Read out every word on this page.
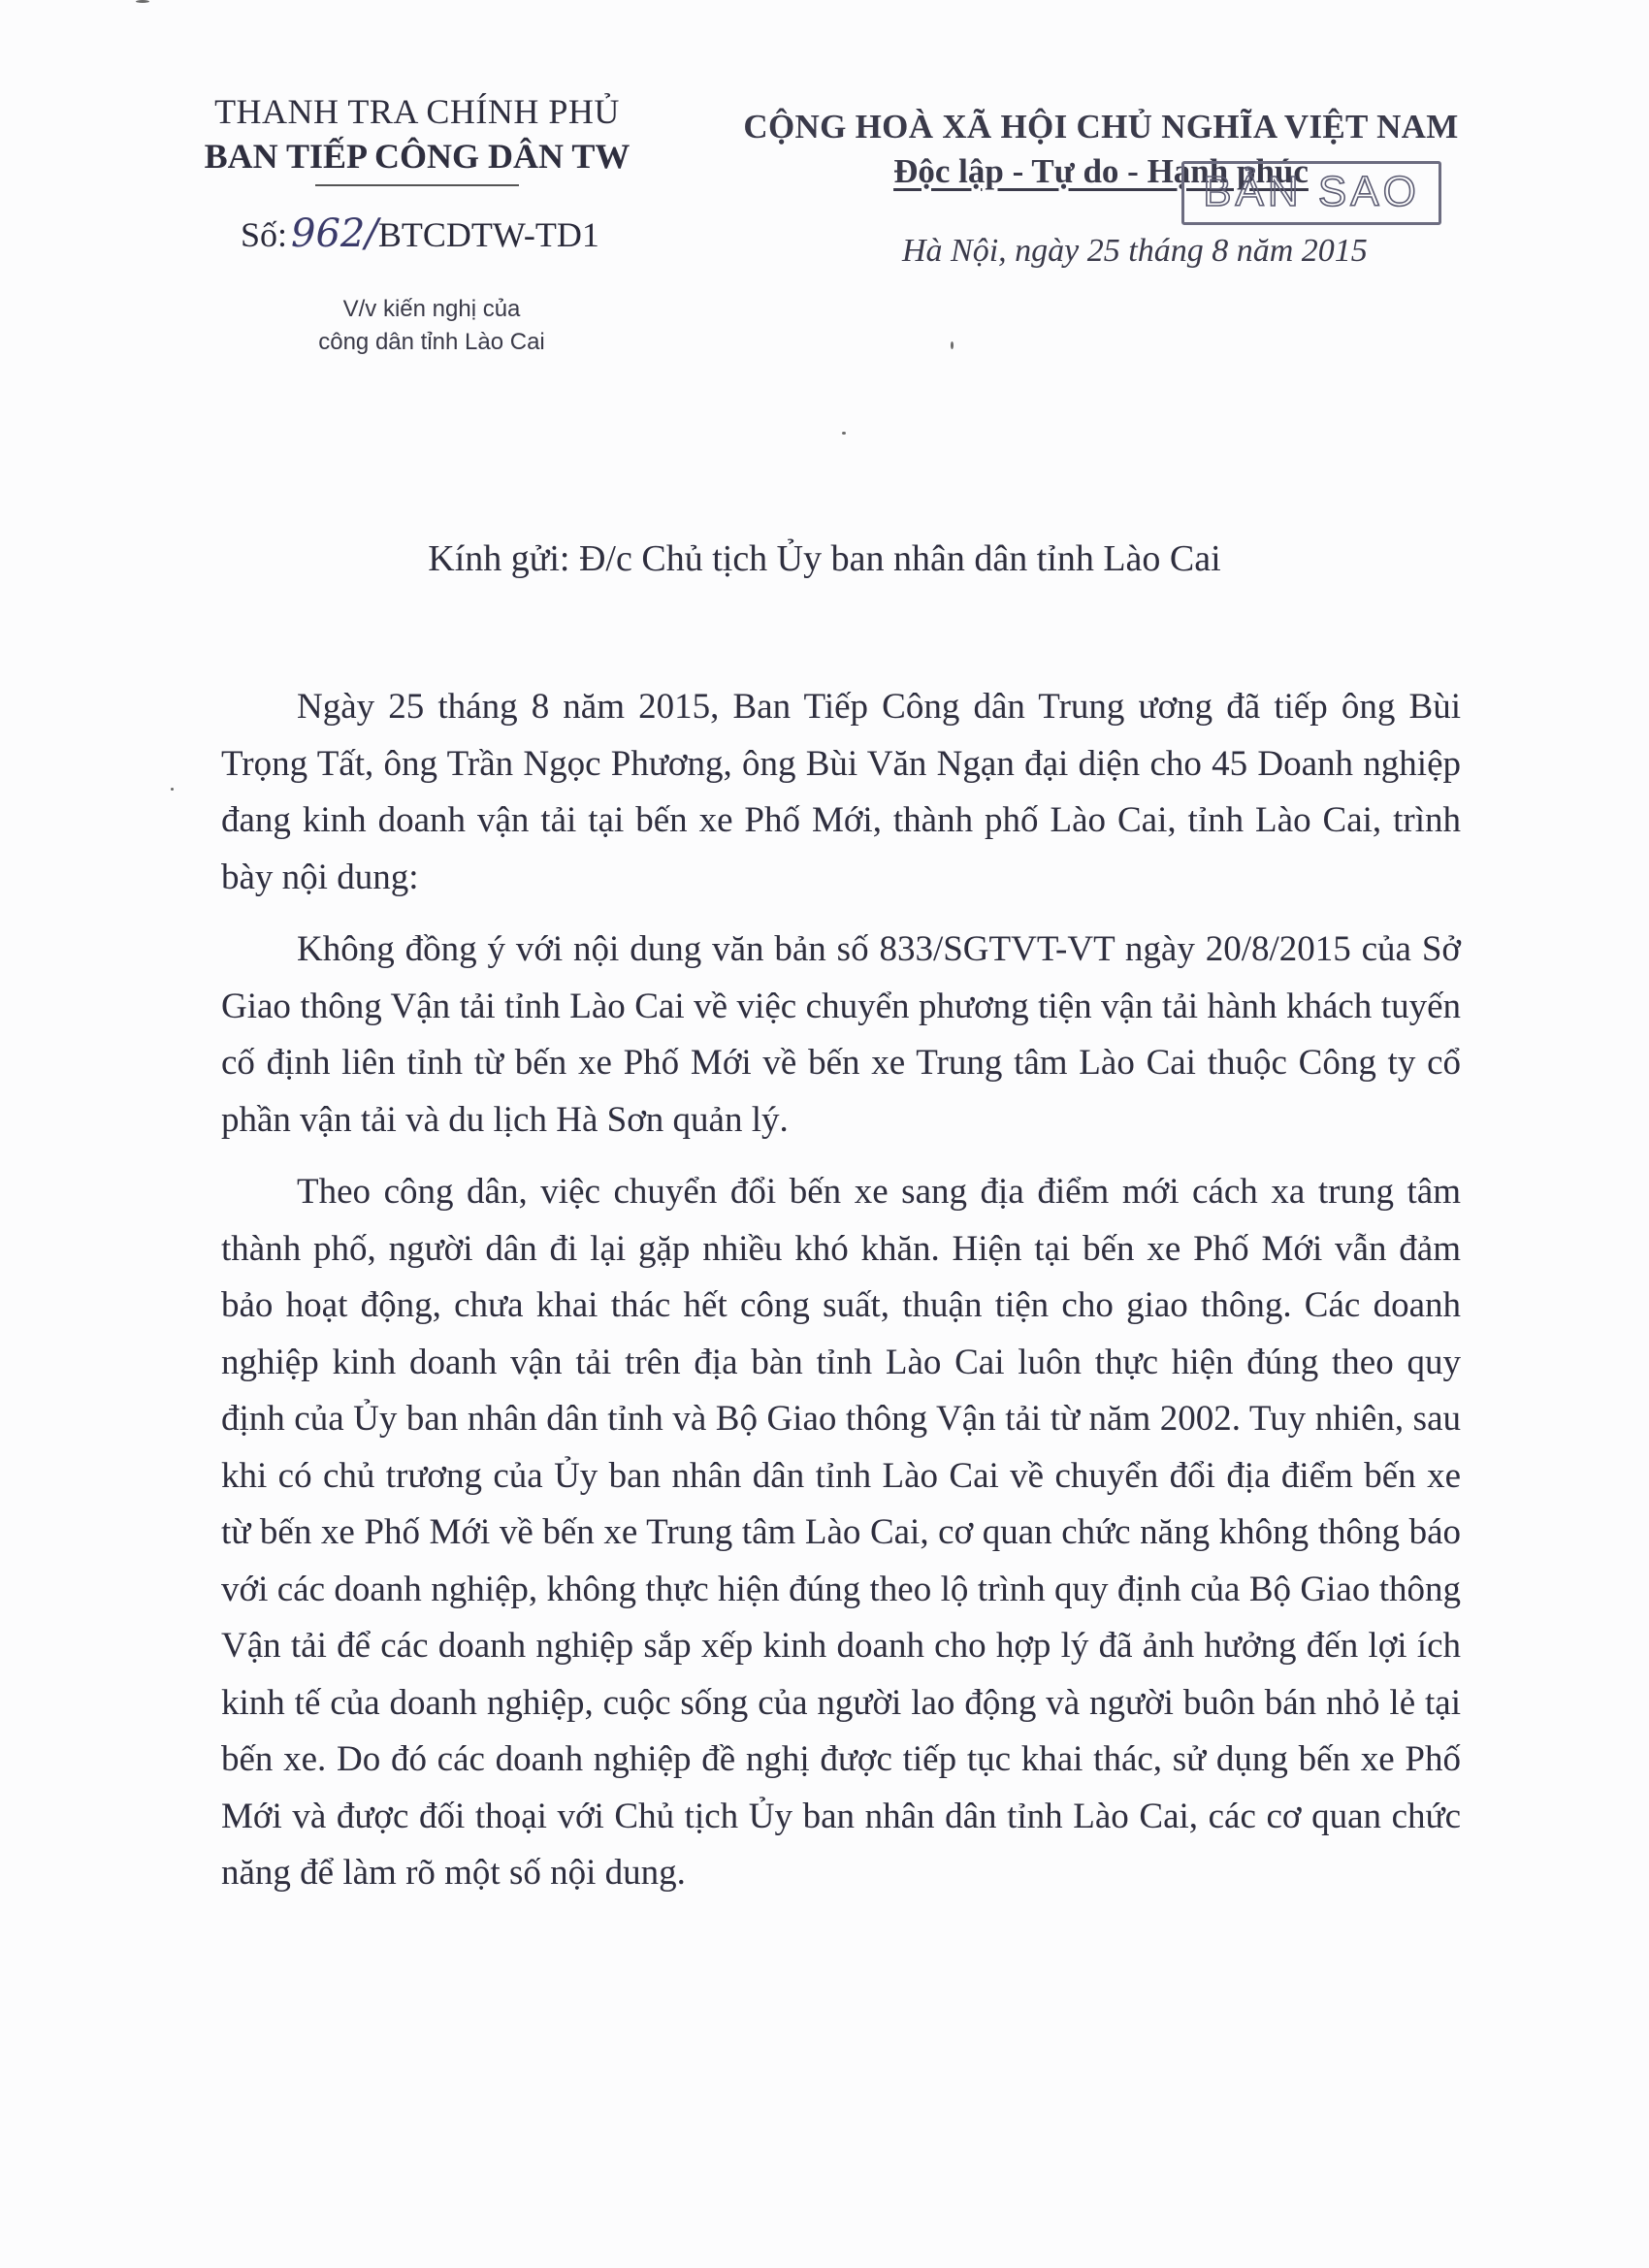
THANH TRA CHÍNH PHỦ
BAN TIẾP CÔNG DÂN TW
Số: 962/BTCDTW-TD1
V/v kiến nghị của
công dân tỉnh Lào Cai
CỘNG HOÀ XÃ HỘI CHỦ NGHĨA VIỆT NAM
Độc lập - Tự do - Hạnh phúc
BẢN SAO
Hà Nội, ngày 25 tháng 8 năm 2015
Kính gửi: Đ/c Chủ tịch Ủy ban nhân dân tỉnh Lào Cai

Ngày 25 tháng 8 năm 2015, Ban Tiếp Công dân Trung ương đã tiếp ông Bùi Trọng Tất, ông Trần Ngọc Phương, ông Bùi Văn Ngạn đại diện cho 45 Doanh nghiệp đang kinh doanh vận tải tại bến xe Phố Mới, thành phố Lào Cai, tỉnh Lào Cai, trình bày nội dung:

Không đồng ý với nội dung văn bản số 833/SGTVT-VT ngày 20/8/2015 của Sở Giao thông Vận tải tỉnh Lào Cai về việc chuyển phương tiện vận tải hành khách tuyến cố định liên tỉnh từ bến xe Phố Mới về bến xe Trung tâm Lào Cai thuộc Công ty cổ phần vận tải và du lịch Hà Sơn quản lý.

Theo công dân, việc chuyển đổi bến xe sang địa điểm mới cách xa trung tâm thành phố, người dân đi lại gặp nhiều khó khăn. Hiện tại bến xe Phố Mới vẫn đảm bảo hoạt động, chưa khai thác hết công suất, thuận tiện cho giao thông. Các doanh nghiệp kinh doanh vận tải trên địa bàn tỉnh Lào Cai luôn thực hiện đúng theo quy định của Ủy ban nhân dân tỉnh và Bộ Giao thông Vận tải từ năm 2002. Tuy nhiên, sau khi có chủ trương của Ủy ban nhân dân tỉnh Lào Cai về chuyển đổi địa điểm bến xe từ bến xe Phố Mới về bến xe Trung tâm Lào Cai, cơ quan chức năng không thông báo với các doanh nghiệp, không thực hiện đúng theo lộ trình quy định của Bộ Giao thông Vận tải để các doanh nghiệp sắp xếp kinh doanh cho hợp lý đã ảnh hưởng đến lợi ích kinh tế của doanh nghiệp, cuộc sống của người lao động và người buôn bán nhỏ lẻ tại bến xe. Do đó các doanh nghiệp đề nghị được tiếp tục khai thác, sử dụng bến xe Phố Mới và được đối thoại với Chủ tịch Ủy ban nhân dân tỉnh Lào Cai, các cơ quan chức năng để làm rõ một số nội dung.
